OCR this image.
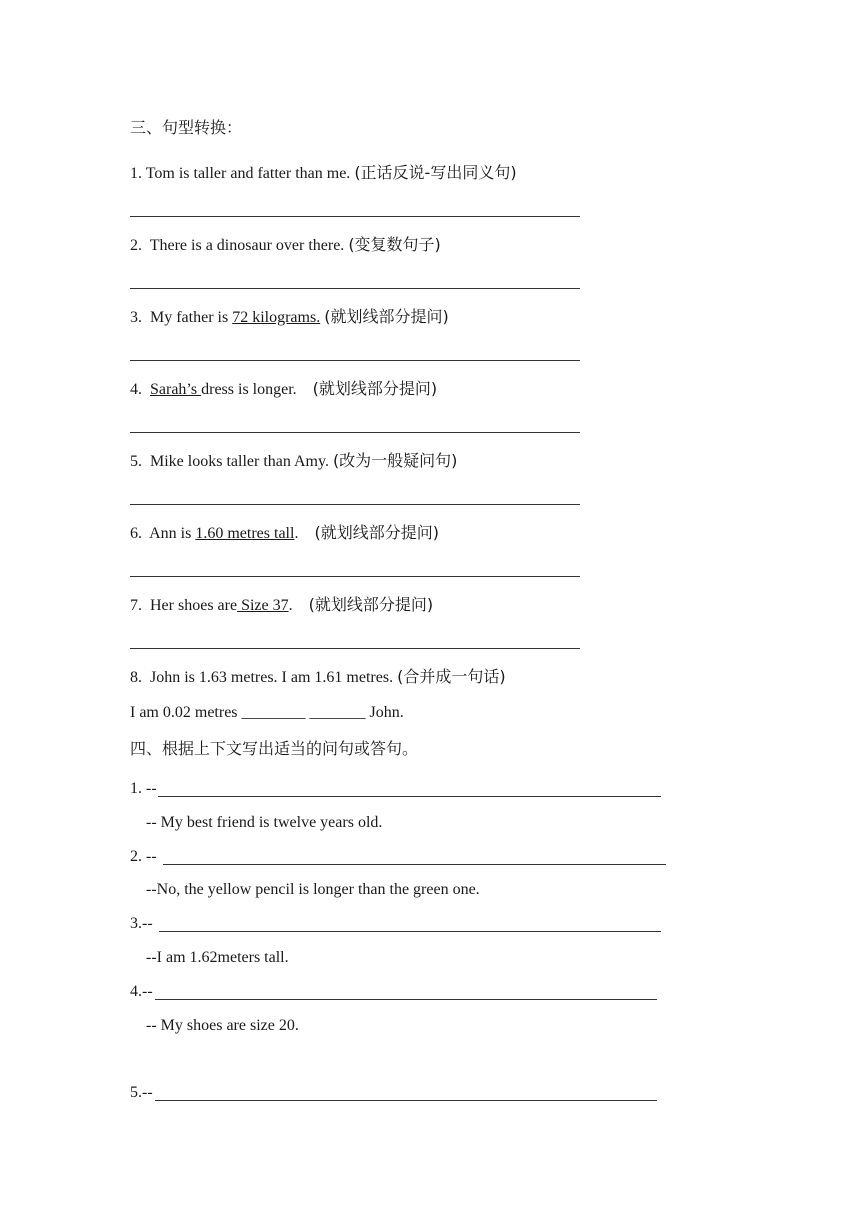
三、句型转换：
1. Tom is taller and fatter than me. (正话反说-写出同义句)
2. There is a dinosaur over there. (变复数句子)
3. My father is 72 kilograms. (就划线部分提问)
4. Sarah’s dress is longer. (就划线部分提问)
5. Mike looks taller than Amy. (改为一般疑问句)
6. Ann is 1.60 metres tall. (就划线部分提问)
7. Her shoes are Size 37. (就划线部分提问)
8. John is 1.63 metres. I am 1.61 metres. (合并成一句话)
I am 0.02 metres ________ _______ John.
四、根据上下文写出适当的问句或答句。
1. --
-- My best friend is twelve years old.
2. --
--No, the yellow pencil is longer than the green one.
3.--
--I am 1.62meters tall.
4.--
-- My shoes are size 20.
5.--
